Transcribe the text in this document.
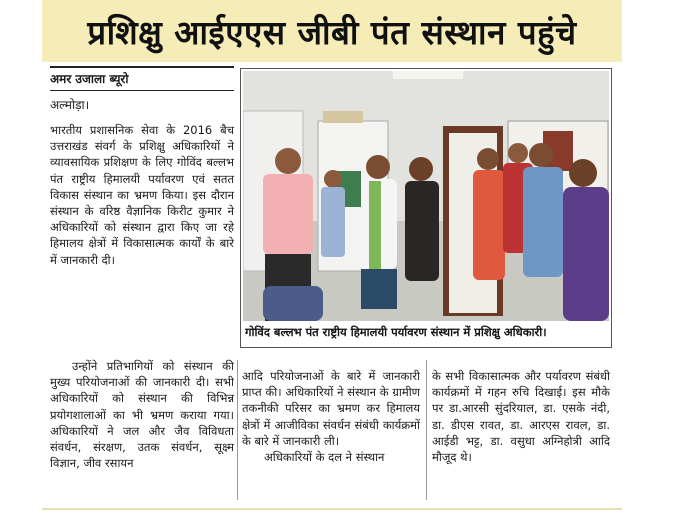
प्रशिक्षु आईएएस जीबी पंत संस्थान पहुंचे
अमर उजाला ब्यूरो
अल्मोड़ा।

भारतीय प्रशासनिक सेवा के 2016 बैच उत्तराखंड संवर्ग के प्रशिक्षु अधिकारियों ने व्यावसायिक प्रशिक्षण के लिए गोविंद बल्लभ पंत राष्ट्रीय हिमालयी पर्यावरण एवं सतत विकास संस्थान का भ्रमण किया। इस दौरान संस्थान के वरिष्ठ वैज्ञानिक किरीट कुमार ने अधिकारियों को संस्थान द्वारा किए जा रहे हिमालय क्षेत्रों में विकासात्मक कार्यों के बारे में जानकारी दी।

उन्होंने प्रतिभागियों को संस्थान की मुख्य परियोजनाओं की जानकारी दी। सभी अधिकारियों को संस्थान की विभिन्न प्रयोगशालाओं का भी भ्रमण कराया गया। अधिकारियों ने जल और जैव विविधता संवर्धन, संरक्षण, उतक संवर्धन, सूक्ष्म विज्ञान, जीव रसायन

गोविंद बल्लभ पंत राष्ट्रीय हिमालयी पर्यावरण संस्थान में प्रशिक्षु अधिकारी।

आदि परियोजनाओं के बारे में जानकारी प्राप्त की। अधिकारियों ने संस्थान के ग्रामीण तकनीकी परिसर का भ्रमण कर हिमालय क्षेत्रों में आजीविका संवर्धन संबंधी कार्यक्रमों के बारे में जानकारी ली।

अधिकारियों के दल ने संस्थान

के सभी विकासात्मक और पर्यावरण संबंधी कार्यक्रमों में गहन रुचि दिखाई। इस मौके पर डा.आरसी सुंदरियाल, डा. एसके नंदी, डा. डीएस रावत, डा. आरएस रावल, डा. आईडी भट्ट, डा. वसुधा अग्निहोत्री आदि मौजूद थे।
